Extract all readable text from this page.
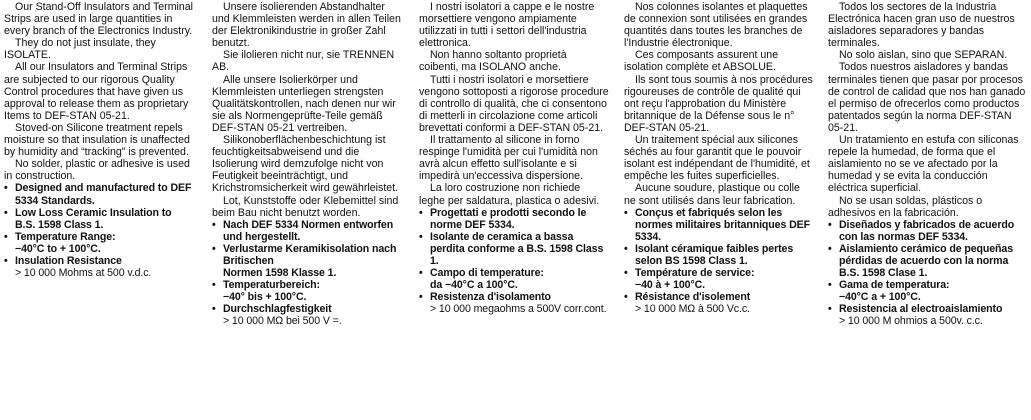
Our Stand-Off Insulators and Terminal Strips are used in large quantities in every branch of the Electronics Industry.

They do not just insulate, they ISOLATE.

All our Insulators and Terminal Strips are subjected to our rigorous Quality Control procedures that have given us approval to release them as proprietary Items to DEF-STAN 05-21.

Stoved-on Silicone treatment repels moisture so that insulation is unaffected by humidity and “tracking” is prevented.

No solder, plastic or adhesive is used in construction.

• Designed and manufactured to DEF 5334 Standards.
• Low Loss Ceramic Insulation to B.S. 1598 Class 1.
• Temperature Range:
−40°C to + 100°C.
• Insulation Resistance
> 10 000 Mohms at 500 v.d.c.

Unsere isolierenden Abstandhalter und Klemmleisten werden in allen Teilen der Elektronikindustrie in großer Zahl benutzt.

Sie ilolieren nicht nur, sie TRENNEN AB.

Alle unsere Isolierkörper und Klemmleisten unterliegen strengsten Qualitätskontrollen, nach denen nur wir sie als Normengeprüfte-Teile gemäß DEF-STAN 05-21 vertreiben.

Silikonoberflächenbeschichtung ist feuchtigkeitsabweisend und die Isolierung wird demzufolge nicht von Feutigkeit beeinträchtigt, und Krichstromsicherkeit wird gewährleistet.

Lot, Kunststoffe oder Klebemittel sind beim Bau nicht benutzt worden.

• Nach DEF 5334 Normen entworfen und hergestellt.
• Verlustarme Keramikisolation nach Britischen
Normen 1598 Klasse 1.
• Temperaturbereich:
−40° bis + 100°C.
• Durchschlagfestigkeit
> 10 000 MΩ bei 500 V =.

I nostri isolatori a cappe e le nostre morsettiere vengono ampiamente utilizzati in tutti i settori dell'industria elettronica.

Non hanno soltanto proprietà coibenti, ma ISOLANO anche.

Tutti i nostri isolatori e morsettiere vengono sottoposti a rigorose procedure di controllo di qualità, che ci consentono di metterli in circolazione come articoli brevettati conformi a DEF-STAN 05-21.

Il trattamento al silicone in forno respinge l'umidità per cui l'umidità non avrà alcun effetto sull'isolante e si impedirà un'eccessiva dispersione.

La loro costruzione non richiede leghe per saldatura, plastica o adesivi.

• Progettati e prodotti secondo le norme DEF 5334.
• Isolante de ceramica a bassa perdita conforme a B.S. 1598 Class 1.
• Campo di temperature:
da −40°C a 100°C.
• Resistenza d'isolamento
> 10 000 megaohms a 500V corr.cont.

Nos colonnes isolantes et plaquettes de connexion sont utilisées en grandes quantités dans toutes les branches de l'Industrie électronique.

Ces composants assurent une isolation complète et ABSOLUE.

Ils sont tous soumis à nos procédures rigoureuses de contrôle de qualité qui ont reçu l'approbation du Ministère britannique de la Défense sous le n° DEF-STAN 05-21.

Un traitement spécial aux silicones séchés au four garantit que le pouvoir isolant est indépendant de l'humidité, et empêche les fuites superficielles.

Aucune soudure, plastique ou colle ne sont utilisés dans leur fabrication.

• Conçus et fabriqués selon les normes militaires britanniques DEF 5334.
• Isolant céramique faibles pertes selon BS 1598 Class 1.
• Température de service:
−40 à + 100°C.
• Résistance d'isolement
> 10 000 MΩ à 500 Vc.c.

Todos los sectores de la Industria Electrónica hacen gran uso de nuestros aisladores separadores y bandas terminales.

No solo aislan, sino que SEPARAN.

Todos nuestros aisladores y bandas terminales tienen que pasar por procesos de control de calidad que nos han ganado el permiso de ofrecerlos como productos patentados según la norma DEF-STAN 05-21.

Un tratamiento en estufa con siliconas repele la humedad, de forma que el aislamiento no se ve afectado por la humedad y se evita la conducción eléctrica superficial.

No se usan soldas, plásticos o adhesivos en la fabricación.

• Diseñados y fabricados de acuerdo con las normas DEF 5334.
• Aislamiento cerámico de pequeñas pérdidas de acuerdo con la norma B.S. 1598 Clase 1.
• Gama de temperatura:
−40°C a + 100°C.
• Resistencia al electroaislamiento
> 10 000 M ohmios a 500v. c.c.
